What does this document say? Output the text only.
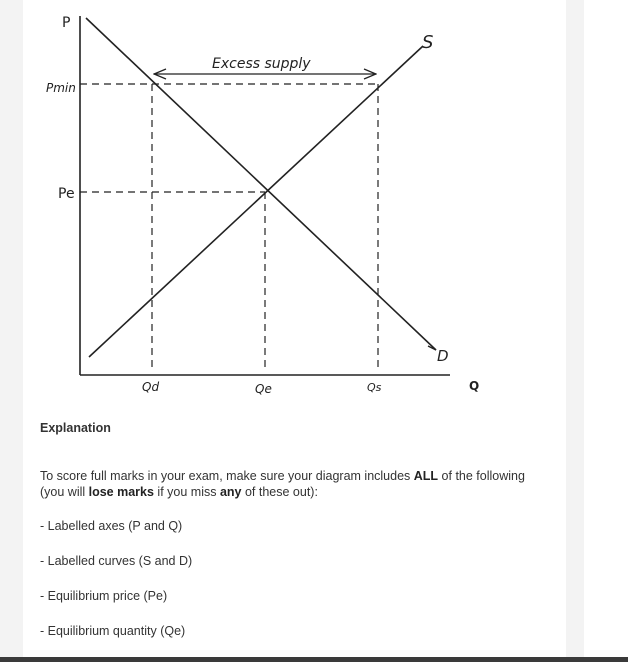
Excess supply
P
Q
Pmin
Pe
Qd	Qe	Qs
S
D
Explanation
To score full marks in your exam, make sure your diagram includes ALL of the following (you will lose marks if you miss any of these out):
- Labelled axes (P and Q)
- Labelled curves (S and D)
- Equilibrium price (Pe)
- Equilibrium quantity (Qe)
